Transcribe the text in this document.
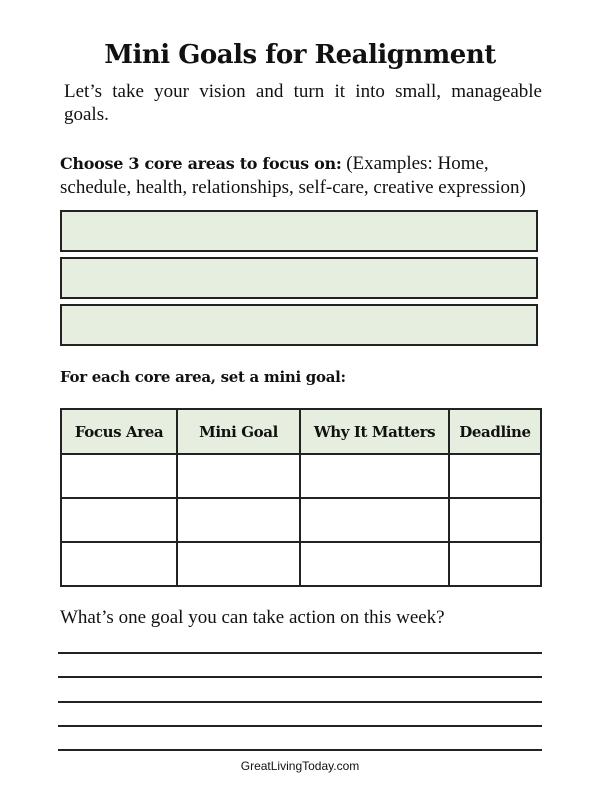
Mini Goals for Realignment

Let’s take your vision and turn it into small, manageable goals.

Choose 3 core areas to focus on: (Examples: Home, schedule, health, relationships, self-care, creative expression)

For each core area, set a mini goal:

Focus Area	Mini Goal	Why It Matters	Deadline

What’s one goal you can take action on this week?

GreatLivingToday.com
